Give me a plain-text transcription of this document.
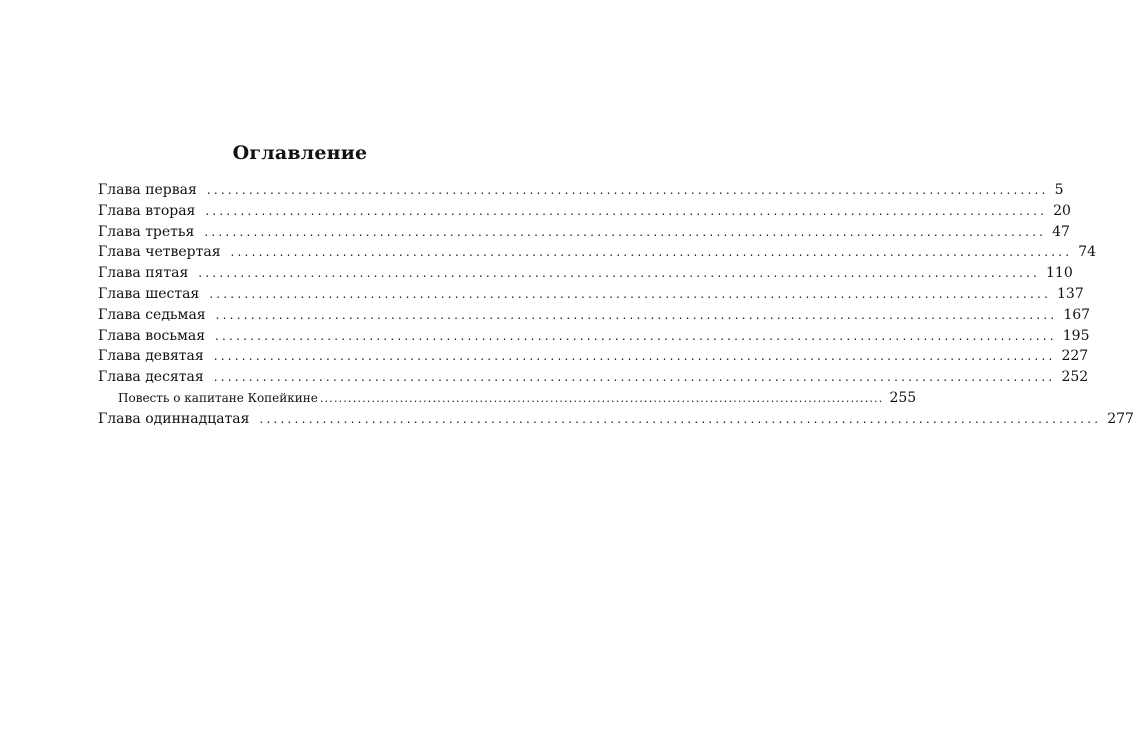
Оглавление
Глава первая ........................................................................................................................ 5
Глава вторая ........................................................................................................................ 20
Глава третья ........................................................................................................................ 47
Глава четвертая ........................................................................................................................ 74
Глава пятая ........................................................................................................................ 110
Глава шестая ........................................................................................................................ 137
Глава седьмая ........................................................................................................................ 167
Глава восьмая ........................................................................................................................ 195
Глава девятая ........................................................................................................................ 227
Глава десятая ........................................................................................................................ 252
Повесть о капитане Копейкине ........................................................................................................................ 255
Глава одиннадцатая ........................................................................................................................ 277
